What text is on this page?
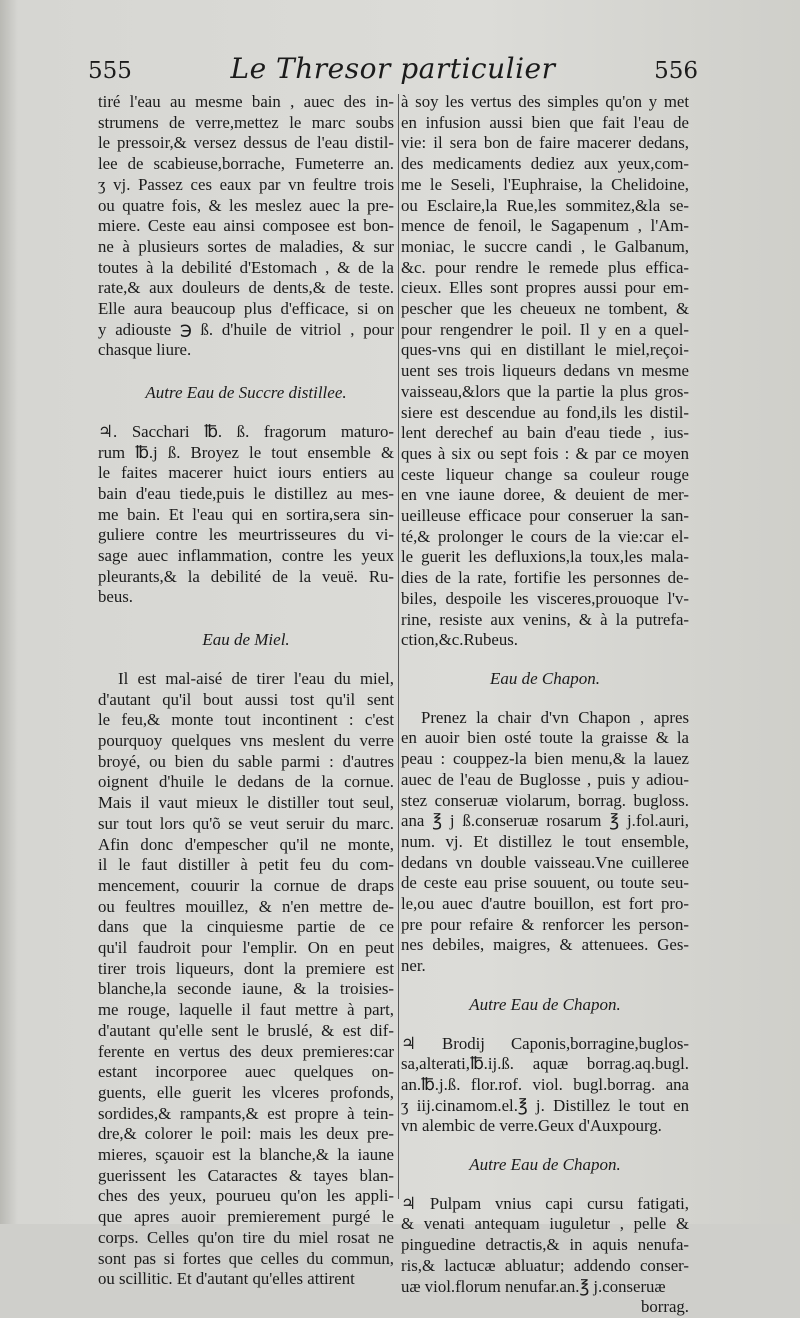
555	Le Thresor particulier	556
tiré l'eau au mesme bain , auec des in-
strumens de verre,mettez le marc soubs
le pressoir,& versez dessus de l'eau distil-
lee de scabieuse,borrache, Fumeterre an.
ʒ vj. Passez ces eaux par vn feultre trois
ou quatre fois, & les meslez auec la pre-
miere. Ceste eau ainsi composee est bon-
ne à plusieurs sortes de maladies, & sur
toutes à la debilité d'Estomach , & de la
rate,& aux douleurs de dents,& de teste.
Elle aura beaucoup plus d'efficace, si on
y adiouste ℈ ß. d'huile de vitriol , pour
chasque liure.
Autre Eau de Succre distillee.
♃. Sacchari ℔. ß. fragorum maturo-
rum ℔.j ß. Broyez le tout ensemble &
le faites macerer huict iours entiers au
bain d'eau tiede,puis le distillez au mes-
me bain. Et l'eau qui en sortira,sera sin-
guliere contre les meurtrisseures du vi-
sage auec inflammation, contre les yeux
pleurants,& la debilité de la veuë. Ru-
beus.
Eau de Miel.
Il est mal-aisé de tirer l'eau du miel,
d'autant qu'il bout aussi tost qu'il sent
le feu,& monte tout incontinent : c'est
pourquoy quelques vns meslent du verre
broyé, ou bien du sable parmi : d'autres
oignent d'huile le dedans de la cornue.
Mais il vaut mieux le distiller tout seul,
sur tout lors qu'õ se veut seruir du marc.
Afin donc d'empescher qu'il ne monte,
il le faut distiller à petit feu du com-
mencement, couurir la cornue de draps
ou feultres mouillez, & n'en mettre de-
dans que la cinquiesme partie de ce
qu'il faudroit pour l'emplir. On en peut
tirer trois liqueurs, dont la premiere est
blanche,la seconde iaune, & la troisies-
me rouge, laquelle il faut mettre à part,
d'autant qu'elle sent le bruslé, & est dif-
ferente en vertus des deux premieres:car
estant incorporee auec quelques on-
guents, elle guerit les vlceres profonds,
sordides,& rampants,& est propre à tein-
dre,& colorer le poil: mais les deux pre-
mieres, sçauoir est la blanche,& la iaune
guerissent les Cataractes & tayes blan-
ches des yeux, pourueu qu'on les appli-
que apres auoir premierement purgé le
corps. Celles qu'on tire du miel rosat ne
sont pas si fortes que celles du commun,
ou scillitic. Et d'autant qu'elles attirent
à soy les vertus des simples qu'on y met
en infusion aussi bien que fait l'eau de
vie: il sera bon de faire macerer dedans,
des medicaments dediez aux yeux,com-
me le Seseli, l'Euphraise, la Chelidoine,
ou Esclaire,la Rue,les sommitez,&la se-
mence de fenoil, le Sagapenum , l'Am-
moniac, le succre candi , le Galbanum,
&c. pour rendre le remede plus effica-
cieux. Elles sont propres aussi pour em-
pescher que les cheueux ne tombent, &
pour rengendrer le poil. Il y en a quel-
ques-vns qui en distillant le miel,reçoi-
uent ses trois liqueurs dedans vn mesme
vaisseau,&lors que la partie la plus gros-
siere est descendue au fond,ils les distil-
lent derechef au bain d'eau tiede , ius-
ques à six ou sept fois : & par ce moyen
ceste liqueur change sa couleur rouge
en vne iaune doree, & deuient de mer-
ueilleuse efficace pour conseruer la san-
té,& prolonger le cours de la vie:car el-
le guerit les defluxions,la toux,les mala-
dies de la rate, fortifie les personnes de-
biles, despoile les visceres,prouoque l'v-
rine, resiste aux venins, & à la putrefa-
ction,&c.Rubeus.
Eau de Chapon.
Prenez la chair d'vn Chapon , apres
en auoir bien osté toute la graisse & la
peau : couppez-la bien menu,& la lauez
auec de l'eau de Buglosse , puis y adiou-
stez conseruæ violarum, borrag. bugloss.
ana ℥ j ß.conseruæ rosarum ℥ j.fol.auri,
num. vj. Et distillez le tout ensemble,
dedans vn double vaisseau.Vne cuilleree
de ceste eau prise souuent, ou toute seu-
le,ou auec d'autre bouillon, est fort pro-
pre pour refaire & renforcer les person-
nes debiles, maigres, & attenuees. Ges-
ner.
Autre Eau de Chapon.
♃ Brodij Caponis,borragine,buglos-
sa,alterati,℔.ij.ß. aquæ borrag.aq.bugl.
an.℔.j.ß. flor.rof. viol. bugl.borrag. ana
ʒ iij.cinamom.el.℥ j. Distillez le tout en
vn alembic de verre.Geux d'Auxpourg.
Autre Eau de Chapon.
♃ Pulpam vnius capi cursu fatigati,
& venati antequam iuguletur , pelle &
pinguedine detractis,& in aquis nenufa-
ris,& lactucæ abluatur; addendo conser-
uæ viol.florum nenufar.an.℥ j.conseruæ
borrag.
